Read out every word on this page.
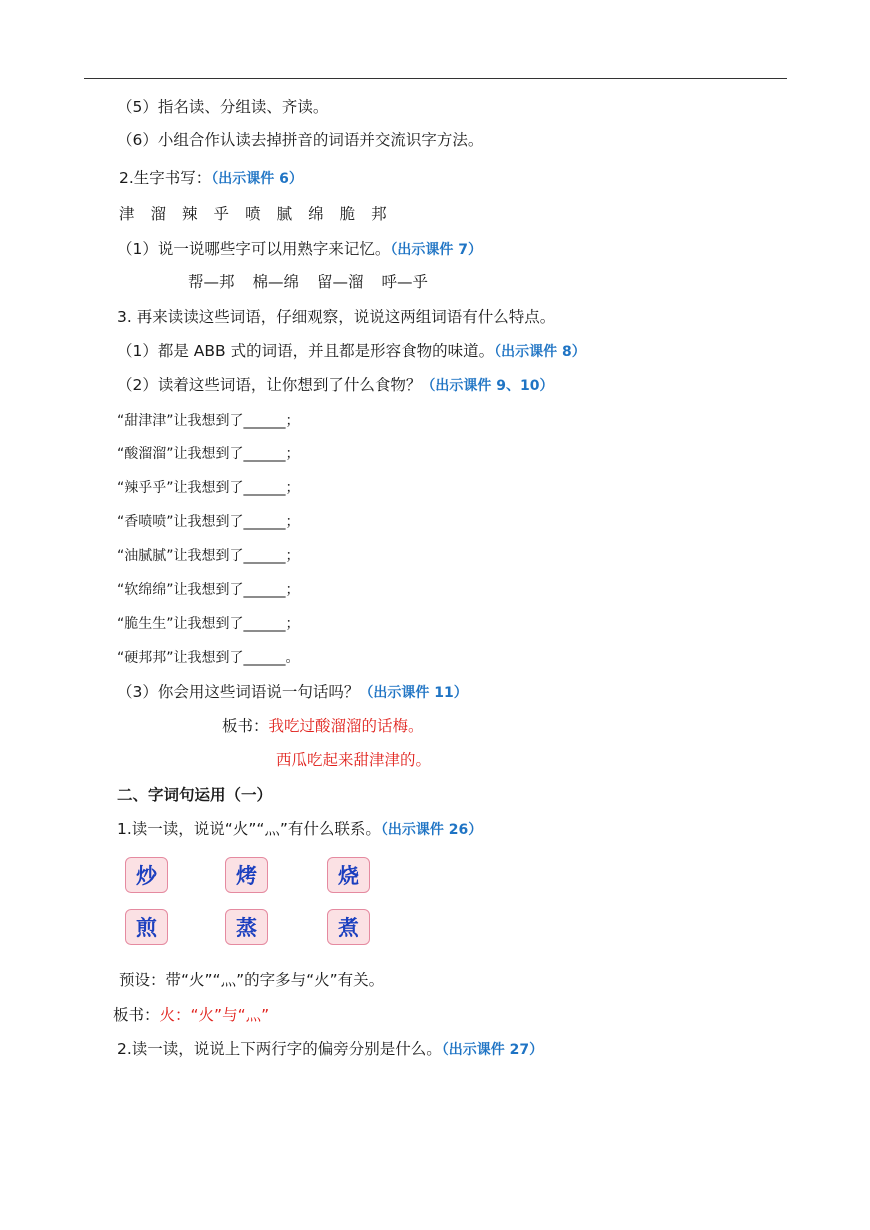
（5）指名读、分组读、齐读。
（6）小组合作认读去掉拼音的词语并交流识字方法。
2.生字书写：（出示课件 6）
津 溜 辣 乎 喷 腻 绵 脆 邦
（1）说一说哪些字可以用熟字来记忆。（出示课件 7）
帮—邦 棉—绵 留—溜 呼—乎
3. 再来读读这些词语，仔细观察，说说这两组词语有什么特点。
（1）都是 ABB 式的词语，并且都是形容食物的味道。（出示课件 8）
（2）读着这些词语，让你想到了什么食物？（出示课件 9、10）
“甜津津”让我想到了______；
“酸溜溜”让我想到了______；
“辣乎乎”让我想到了______；
“香喷喷”让我想到了______；
“油腻腻”让我想到了______；
“软绵绵”让我想到了______；
“脆生生”让我想到了______；
“硬邦邦”让我想到了______。
（3）你会用这些词语说一句话吗？（出示课件 11）
板书：我吃过酸溜溜的话梅。
西瓜吃起来甜津津的。
二、字词句运用（一）
1.读一读，说说“火”“灬”有什么联系。（出示课件 26）
炒	烤	烧
煎	蒸	煮
预设：带“火”“灬”的字多与“火”有关。
板书：火：“火”与“灬”
2.读一读，说说上下两行字的偏旁分别是什么。（出示课件 27）
